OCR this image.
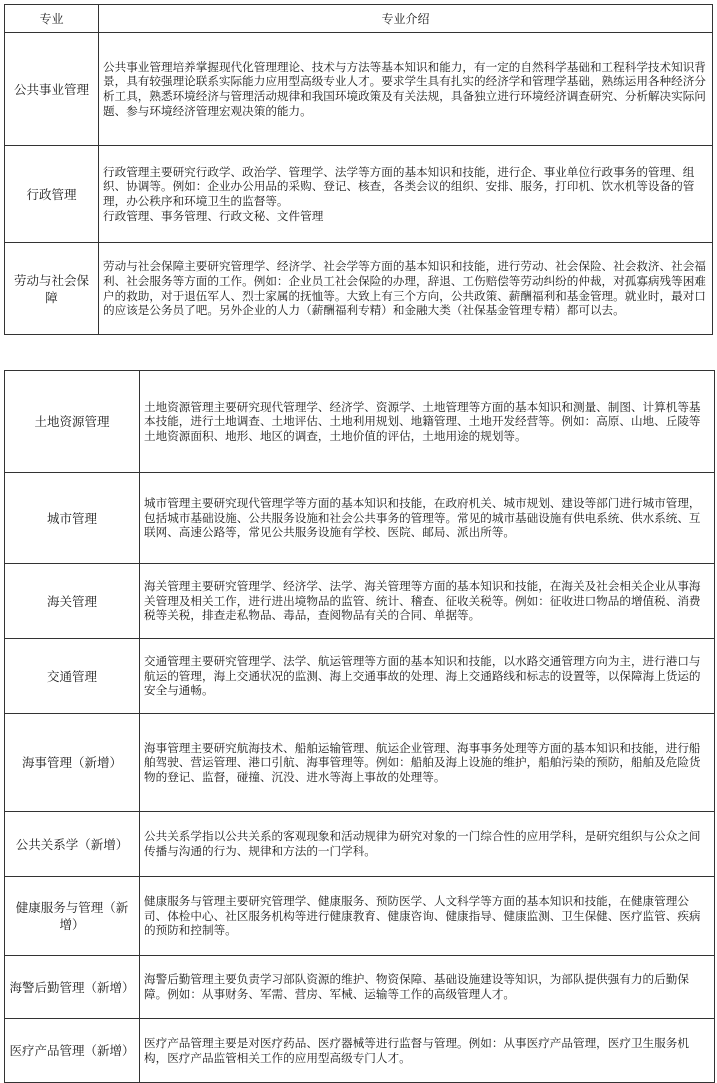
专业	专业介绍
公共事业管理	公共事业管理培养掌握现代化管理理论、技术与方法等基本知识和能力，有一定的自然科学基础和工程科学技术知识背景，具有较强理论联系实际能力应用型高级专业人才。要求学生具有扎实的经济学和管理学基础，熟练运用各种经济分析工具，熟悉环境经济与管理活动规律和我国环境政策及有关法规，具备独立进行环境经济调查研究、分析解决实际问题、参与环境经济管理宏观决策的能力。

行政管理	行政管理主要研究行政学、政治学、管理学、法学等方面的基本知识和技能，进行企、事业单位行政事务的管理、组织、协调等。例如：企业办公用品的采购、登记、核查，各类会议的组织、安排、服务，打印机、饮水机等设备的管理，办公秩序和环境卫生的监督等。
行政管理、事务管理、行政文秘、文件管理

劳动与社会保障	劳动与社会保障主要研究管理学、经济学、社会学等方面的基本知识和技能，进行劳动、社会保险、社会救济、社会福利、社会服务等方面的工作。例如：企业员工社会保险的办理，辞退、工伤赔偿等劳动纠纷的仲裁，对孤寡病残等困难户的救助，对于退伍军人、烈士家属的抚恤等。大致上有三个方向，公共政策、薪酬福利和基金管理。就业时，最对口的应该是公务员了吧。另外企业的人力（薪酬福利专精）和金融大类（社保基金管理专精）都可以去。
土地资源管理	土地资源管理主要研究现代管理学、经济学、资源学、土地管理等方面的基本知识和测量、制图、计算机等基本技能，进行土地调查、土地评估、土地利用规划、地籍管理、土地开发经营等。例如：高原、山地、丘陵等土地资源面积、地形、地区的调查，土地价值的评估，土地用途的规划等。

城市管理	城市管理主要研究现代管理学等方面的基本知识和技能，在政府机关、城市规划、建设等部门进行城市管理，包括城市基础设施、公共服务设施和社会公共事务的管理等。常见的城市基础设施有供电系统、供水系统、互联网、高速公路等，常见公共服务设施有学校、医院、邮局、派出所等。

海关管理	海关管理主要研究管理学、经济学、法学、海关管理等方面的基本知识和技能，在海关及社会相关企业从事海关管理及相关工作，进行进出境物品的监管、统计、稽查、征收关税等。例如：征收进口物品的增值税、消费税等关税，排查走私物品、毒品，查阅物品有关的合同、单据等。

交通管理	交通管理主要研究管理学、法学、航运管理等方面的基本知识和技能，以水路交通管理方向为主，进行港口与航运的管理，海上交通状况的监测、海上交通事故的处理、海上交通路线和标志的设置等，以保障海上货运的安全与通畅。

海事管理（新增）	海事管理主要研究航海技术、船舶运输管理、航运企业管理、海事事务处理等方面的基本知识和技能，进行船舶驾驶、营运管理、港口引航、海事管理等。例如：船舶及海上设施的维护，船舶污染的预防，船舶及危险货物的登记、监督，碰撞、沉没、进水等海上事故的处理等。

公共关系学（新增）	公共关系学指以公共关系的客观现象和活动规律为研究对象的一门综合性的应用学科，是研究组织与公众之间传播与沟通的行为、规律和方法的一门学科。

健康服务与管理（新增）	健康服务与管理主要研究管理学、健康服务、预防医学、人文科学等方面的基本知识和技能，在健康管理公司、体检中心、社区服务机构等进行健康教育、健康咨询、健康指导、健康监测、卫生保健、医疗监管、疾病的预防和控制等。

海警后勤管理（新增）	海警后勤管理主要负责学习部队资源的维护、物资保障、基础设施建设等知识，为部队提供强有力的后勤保障。例如：从事财务、军需、营房、军械、运输等工作的高级管理人才。

医疗产品管理（新增）	医疗产品管理主要是对医疗药品、医疗器械等进行监督与管理。例如：从事医疗产品管理，医疗卫生服务机构，医疗产品监管相关工作的应用型高级专门人才。
